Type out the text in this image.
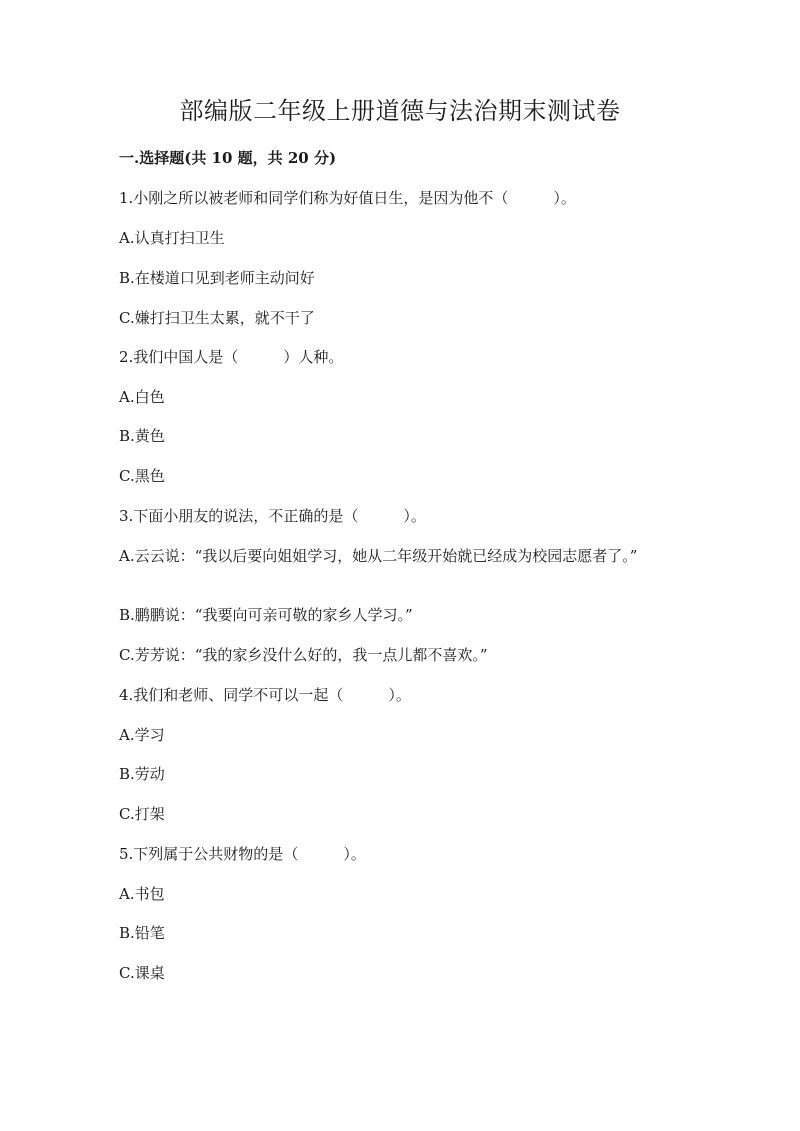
部编版二年级上册道德与法治期末测试卷
一.选择题(共 10 题，共 20 分)
1.小刚之所以被老师和同学们称为好值日生，是因为他不（　　　）。
A.认真打扫卫生
B.在楼道口见到老师主动问好
C.嫌打扫卫生太累，就不干了
2.我们中国人是（　　　）人种。
A.白色
B.黄色
C.黑色
3.下面小朋友的说法，不正确的是（　　　）。
A.云云说：“我以后要向姐姐学习，她从二年级开始就已经成为校园志愿者了。”
B.鹏鹏说：“我要向可亲可敬的家乡人学习。”
C.芳芳说：“我的家乡没什么好的，我一点儿都不喜欢。”
4.我们和老师、同学不可以一起（　　　）。
A.学习
B.劳动
C.打架
5.下列属于公共财物的是（　　　）。
A.书包
B.铅笔
C.课桌
